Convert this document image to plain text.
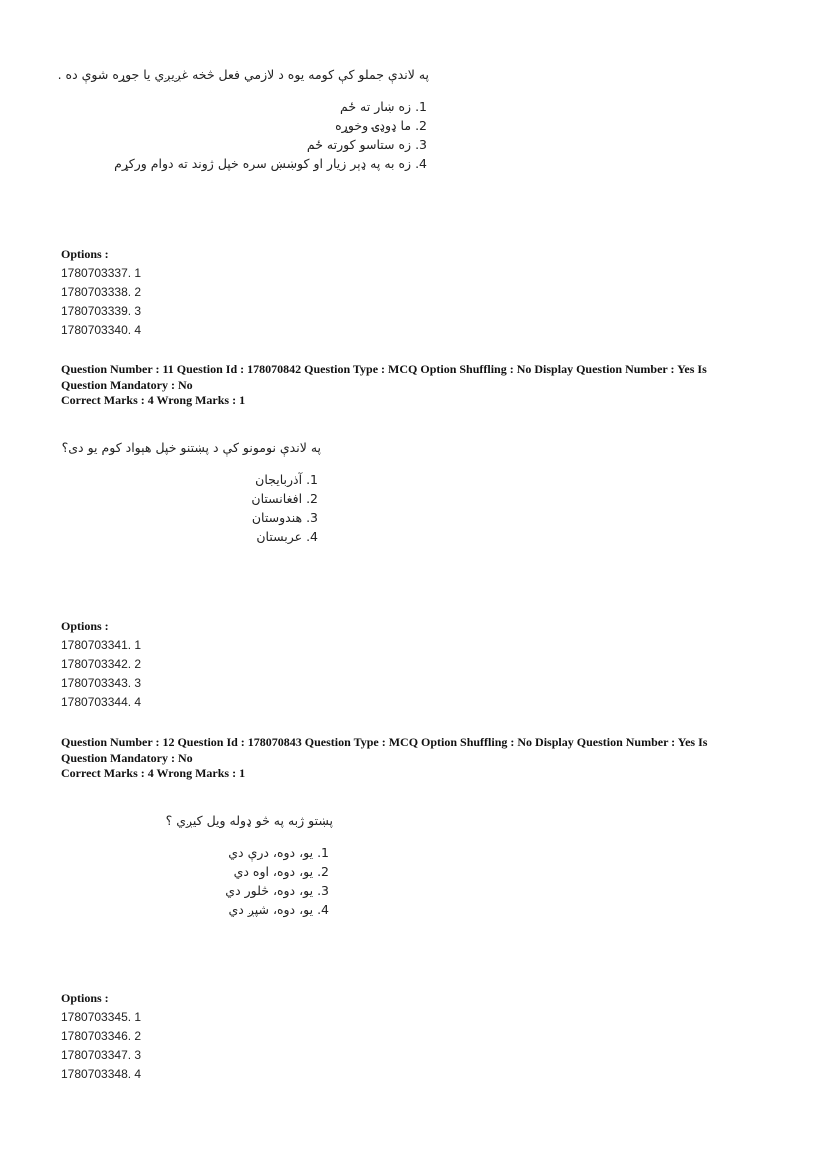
په لاندې جملو کې کومه یوه د لازمي فعل څخه غږیږي یا جوړه شوې ده .
1. زه ښار ته ځم
2. ما ډوډۍ وخوړه
3. زه ستاسو کورته ځم
4. زه به په ډېر زیار او کوښښ سره خپل ژوند ته دوام ورکړم
Options :
1780703337. 1
1780703338. 2
1780703339. 3
1780703340. 4
Question Number : 11 Question Id : 178070842 Question Type : MCQ Option Shuffling : No Display Question Number : Yes Is
Question Mandatory : No
Correct Marks : 4 Wrong Marks : 1
په لاندې نومونو کې د پښتنو خپل هېواد کوم یو دی؟
1. آذربایجان
2. افغانستان
3. هندوستان
4. عربستان
Options :
1780703341. 1
1780703342. 2
1780703343. 3
1780703344. 4
Question Number : 12 Question Id : 178070843 Question Type : MCQ Option Shuffling : No Display Question Number : Yes Is
Question Mandatory : No
Correct Marks : 4 Wrong Marks : 1
پښتو ژبه په څو ډوله ويل کيږي ؟
1. يو، دوه، درې دي
2. يو، دوه، اوه دي
3. يو، دوه، څلور دي
4. يو، دوه، شپږ دي
Options :
1780703345. 1
1780703346. 2
1780703347. 3
1780703348. 4
